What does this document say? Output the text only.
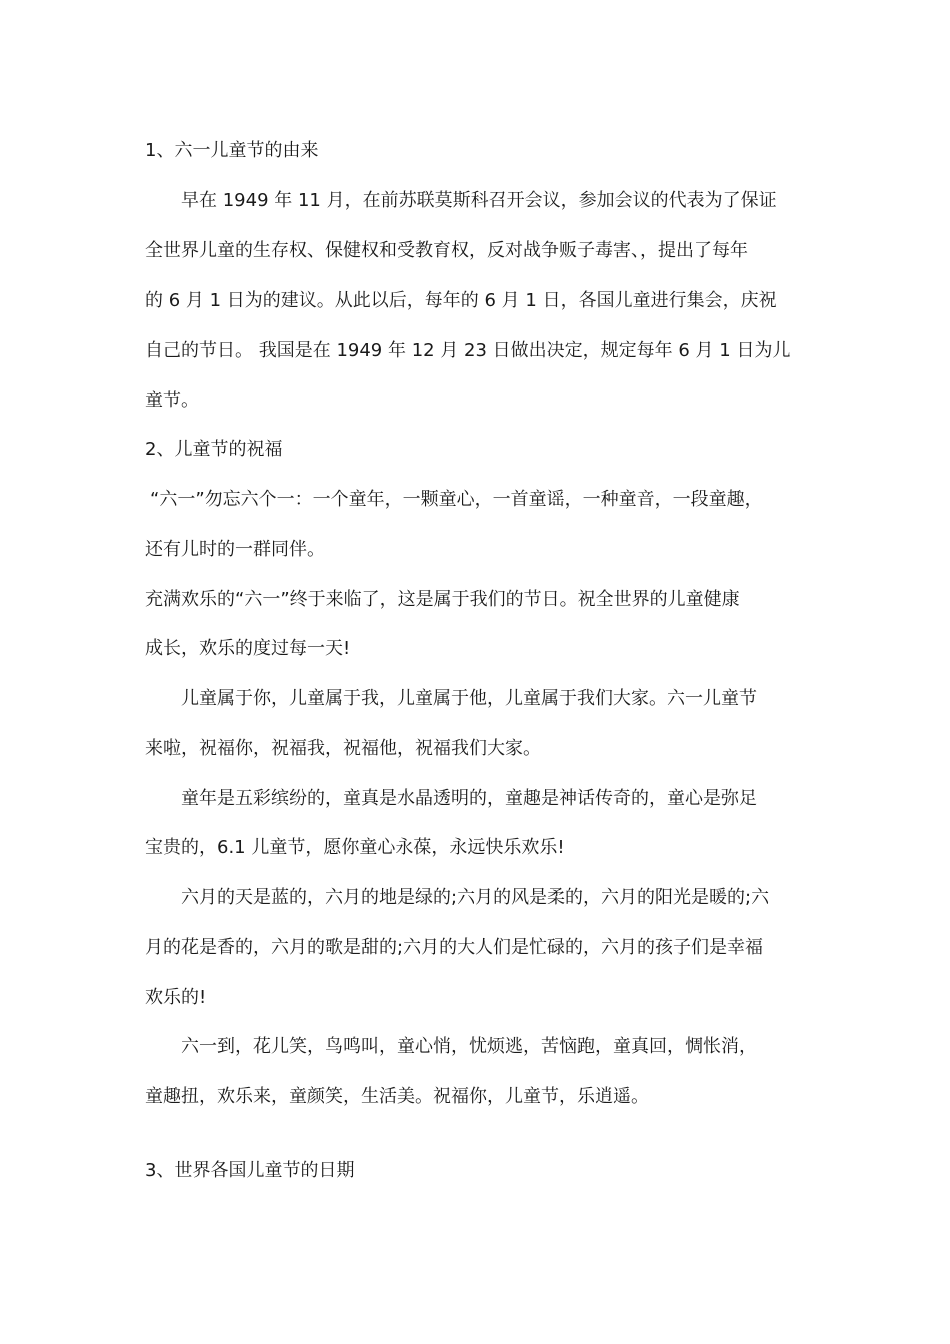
1、六一儿童节的由来
早在 1949 年 11 月，在前苏联莫斯科召开会议，参加会议的代表为了保证
全世界儿童的生存权、保健权和受教育权，反对战争贩子毒害、，提出了每年
的 6 月 1 日为的建议。从此以后，每年的 6 月 1 日，各国儿童进行集会，庆祝
自己的节日。 我国是在 1949 年 12 月 23 日做出决定，规定每年 6 月 1 日为儿
童节。
2、儿童节的祝福
“六一”勿忘六个一：一个童年，一颗童心，一首童谣，一种童音，一段童趣，
还有儿时的一群同伴。
充满欢乐的“六一”终于来临了，这是属于我们的节日。祝全世界的儿童健康
成长，欢乐的度过每一天!
儿童属于你，儿童属于我，儿童属于他，儿童属于我们大家。六一儿童节
来啦，祝福你，祝福我，祝福他，祝福我们大家。
童年是五彩缤纷的，童真是水晶透明的，童趣是神话传奇的，童心是弥足
宝贵的，6.1 儿童节，愿你童心永葆，永远快乐欢乐!
六月的天是蓝的，六月的地是绿的;六月的风是柔的，六月的阳光是暖的;六
月的花是香的，六月的歌是甜的;六月的大人们是忙碌的，六月的孩子们是幸福
欢乐的!
六一到，花儿笑，鸟鸣叫，童心悄，忧烦逃，苦恼跑，童真回，惆怅消，
童趣扭，欢乐来，童颜笑，生活美。祝福你，儿童节，乐逍遥。
3、世界各国儿童节的日期
